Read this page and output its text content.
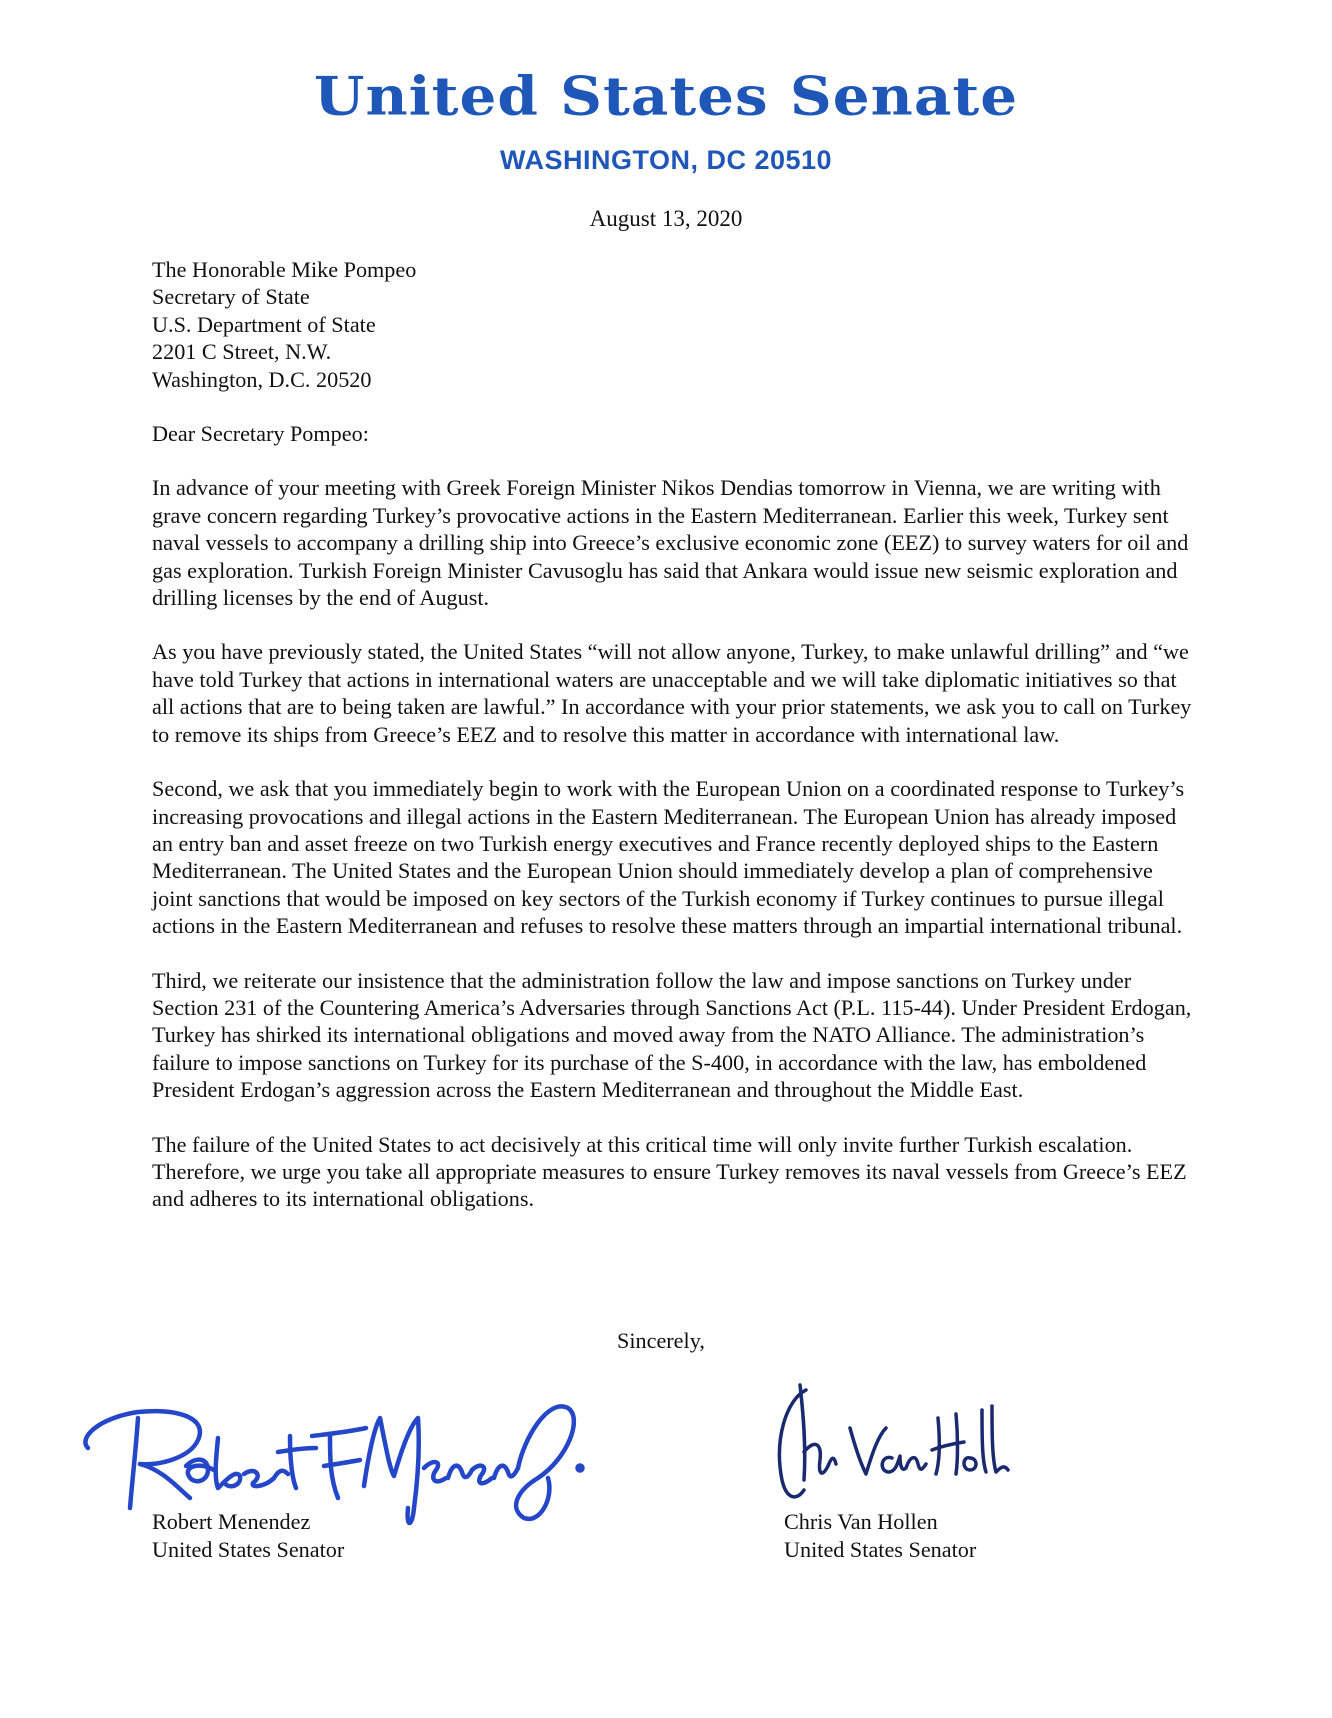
United States Senate
WASHINGTON, DC 20510
August 13, 2020
The Honorable Mike Pompeo
Secretary of State
U.S. Department of State
2201 C Street, N.W.
Washington, D.C. 20520
Dear Secretary Pompeo:
In advance of your meeting with Greek Foreign Minister Nikos Dendias tomorrow in Vienna, we are writing with grave concern regarding Turkey’s provocative actions in the Eastern Mediterranean. Earlier this week, Turkey sent naval vessels to accompany a drilling ship into Greece’s exclusive economic zone (EEZ) to survey waters for oil and gas exploration. Turkish Foreign Minister Cavusoglu has said that Ankara would issue new seismic exploration and drilling licenses by the end of August.
As you have previously stated, the United States “will not allow anyone, Turkey, to make unlawful drilling” and “we have told Turkey that actions in international waters are unacceptable and we will take diplomatic initiatives so that all actions that are to being taken are lawful.” In accordance with your prior statements, we ask you to call on Turkey to remove its ships from Greece’s EEZ and to resolve this matter in accordance with international law.
Second, we ask that you immediately begin to work with the European Union on a coordinated response to Turkey’s increasing provocations and illegal actions in the Eastern Mediterranean. The European Union has already imposed an entry ban and asset freeze on two Turkish energy executives and France recently deployed ships to the Eastern Mediterranean. The United States and the European Union should immediately develop a plan of comprehensive joint sanctions that would be imposed on key sectors of the Turkish economy if Turkey continues to pursue illegal actions in the Eastern Mediterranean and refuses to resolve these matters through an impartial international tribunal.
Third, we reiterate our insistence that the administration follow the law and impose sanctions on Turkey under Section 231 of the Countering America’s Adversaries through Sanctions Act (P.L. 115-44). Under President Erdogan, Turkey has shirked its international obligations and moved away from the NATO Alliance. The administration’s failure to impose sanctions on Turkey for its purchase of the S-400, in accordance with the law, has emboldened President Erdogan’s aggression across the Eastern Mediterranean and throughout the Middle East.
The failure of the United States to act decisively at this critical time will only invite further Turkish escalation. Therefore, we urge you take all appropriate measures to ensure Turkey removes its naval vessels from Greece’s EEZ and adheres to its international obligations.
Sincerely,
Robert Menendez
United States Senator
Chris Van Hollen
United States Senator
